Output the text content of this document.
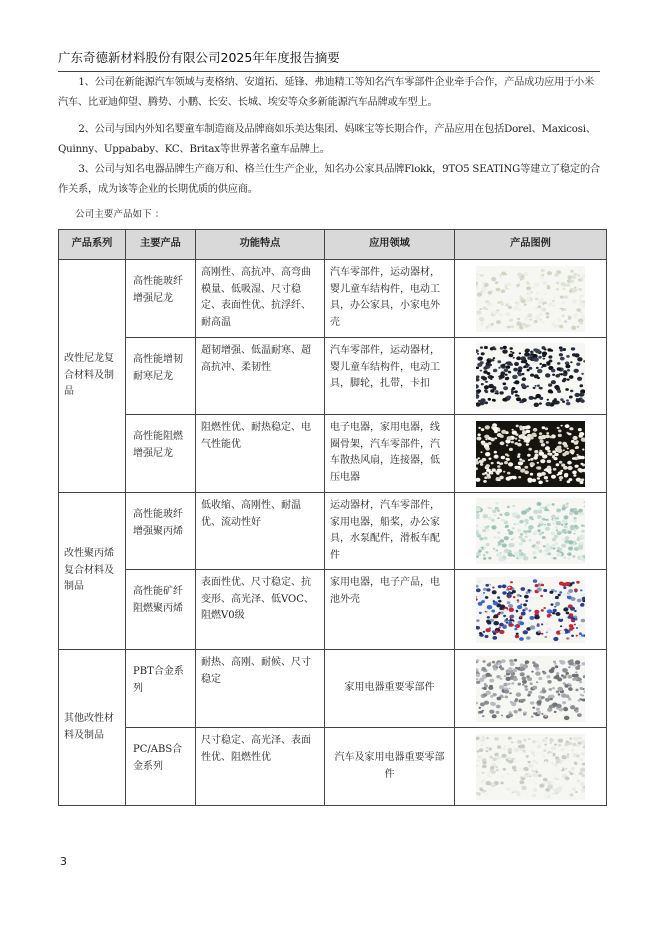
广东奇德新材料股份有限公司2025年年度报告摘要

1、公司在新能源汽车领域与麦格纳、安道拓、延锋、弗迪精工等知名汽车零部件企业牵手合作，产品成功应用于小米汽车、比亚迪仰望、腾势、小鹏、长安、长城、埃安等众多新能源汽车品牌或车型上。

2、公司与国内外知名婴童车制造商及品牌商如乐美达集团、妈咪宝等长期合作，产品应用在包括Dorel、Maxicosi、Quinny、Uppababy、KC、Britax等世界著名童车品牌上。

3、公司与知名电器品牌生产商万和、格兰仕生产企业，知名办公家具品牌Flokk，9TO5 SEATING等建立了稳定的合作关系，成为该等企业的长期优质的供应商。

公司主要产品如下 ：
产品系列	主要产品	功能特点	应用领域	产品图例
改性尼龙复合材料及制品	高性能玻纤增强尼龙	高刚性、高抗冲、高弯曲模量、低吸湿、尺寸稳定、表面性优、抗浮纤、耐高温	汽车零部件，运动器材，婴儿童车结构件，电动工具，办公家具，小家电外壳	

	高性能增韧耐寒尼龙	超韧增强、低温耐寒、超高抗冲、柔韧性	汽车零部件，运动器材，婴儿童车结构件，电动工具，脚轮，扎带，卡扣	

	高性能阻燃增强尼龙	阻燃性优、耐热稳定、电气性能优	电子电器，家用电器，线圈骨架，汽车零部件，汽车散热风扇，连接器，低压电器	

改性聚丙烯复合材料及制品	高性能玻纤增强聚丙烯	低收缩、高刚性、耐温优、流动性好	运动器材，汽车零部件，家用电器，船桨，办公家具，水泵配件，滑板车配件	

	高性能矿纤阻燃聚丙烯	表面性优、尺寸稳定、抗变形、高光泽、低VOC、阻燃V0级	家用电器，电子产品，电池外壳	

其他改性材料及制品	PBT合金系列	耐热、高刚、耐候、尺寸稳定	家用电器重要零部件	

	PC/ABS合金系列	尺寸稳定、高光泽、表面性优、阻燃性优	汽车及家用电器重要零部件	
3
